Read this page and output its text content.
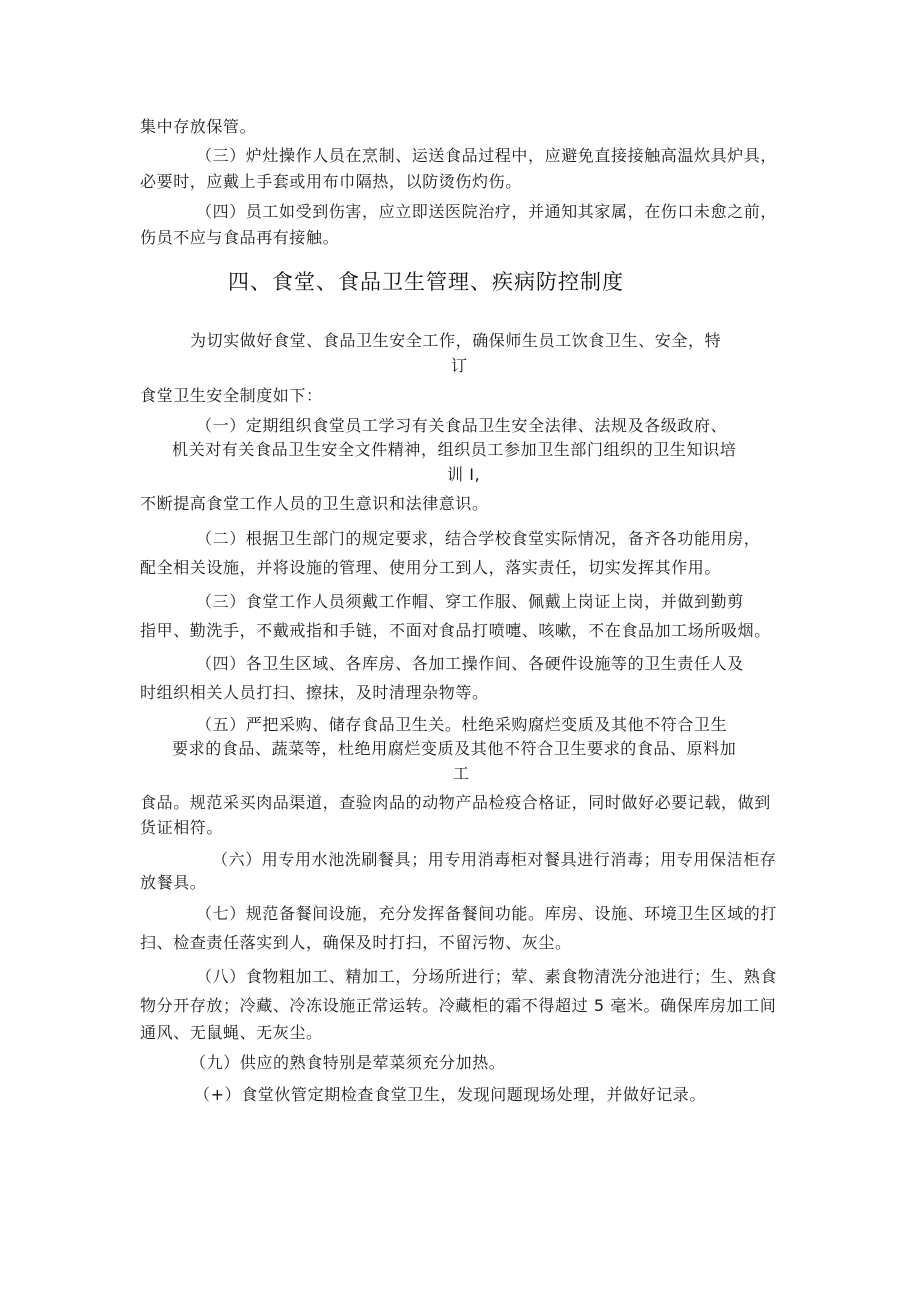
集中存放保管。
（三）炉灶操作人员在烹制、运送食品过程中，应避免直接接触高温炊具炉具，
必要时，应戴上手套或用布巾隔热，以防烫伤灼伤。
（四）员工如受到伤害，应立即送医院治疗，并通知其家属，在伤口未愈之前，
伤员不应与食品再有接触。
四、食堂、食品卫生管理、疾病防控制度
为切实做好食堂、食品卫生安全工作，确保师生员工饮食卫生、安全，特
订
食堂卫生安全制度如下：
（一）定期组织食堂员工学习有关食品卫生安全法律、法规及各级政府、
机关对有关食品卫生安全文件精神，组织员工参加卫生部门组织的卫生知识培
训 I,
不断提高食堂工作人员的卫生意识和法律意识。
（二）根据卫生部门的规定要求，结合学校食堂实际情况，备齐各功能用房，
配全相关设施，并将设施的管理、使用分工到人，落实责任，切实发挥其作用。
（三）食堂工作人员须戴工作帽、穿工作服、佩戴上岗证上岗，并做到勤剪
指甲、勤洗手，不戴戒指和手链，不面对食品打喷嚏、咳嗽，不在食品加工场所吸烟。
（四）各卫生区域、各库房、各加工操作间、各硬件设施等的卫生责任人及
时组织相关人员打扫、擦抹，及时清理杂物等。
（五）严把采购、储存食品卫生关。杜绝采购腐烂变质及其他不符合卫生
要求的食品、蔬菜等，杜绝用腐烂变质及其他不符合卫生要求的食品、原料加
工
食品。规范采买肉品渠道，查验肉品的动物产品检疫合格证，同时做好必要记载，做到
货证相符。
（六）用专用水池洗刷餐具；用专用消毒柜对餐具进行消毒；用专用保洁柜存
放餐具。
（七）规范备餐间设施，充分发挥备餐间功能。库房、设施、环境卫生区域的打
扫、检查责任落实到人，确保及时打扫，不留污物、灰尘。
（八）食物粗加工、精加工，分场所进行；荤、素食物清洗分池进行；生、熟食
物分开存放；冷藏、冷冻设施正常运转。冷藏柜的霜不得超过 5 毫米。确保库房加工间
通风、无鼠蝇、无灰尘。
（九）供应的熟食特别是荤菜须充分加热。
（+）食堂伙管定期检查食堂卫生，发现问题现场处理，并做好记录。
